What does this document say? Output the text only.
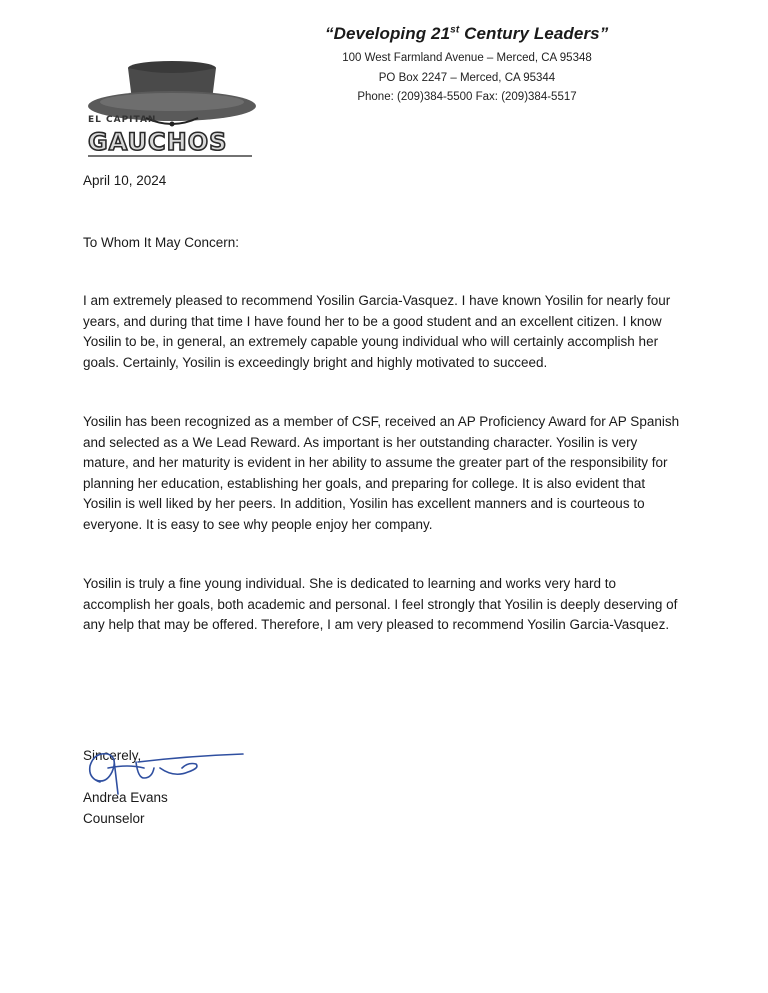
EL CAPITAN
GAUCHOS
“Developing 21st Century Leaders”
100 West Farmland Avenue – Merced, CA 95348
PO Box 2247 – Merced, CA 95344
Phone: (209)384-5500 Fax: (209)384-5517
April 10, 2024
To Whom It May Concern:

I am extremely pleased to recommend Yosilin Garcia-Vasquez. I have known Yosilin for nearly four years, and during that time I have found her to be a good student and an excellent citizen. I know Yosilin to be, in general, an extremely capable young individual who will certainly accomplish her goals. Certainly, Yosilin is exceedingly bright and highly motivated to succeed.

Yosilin has been recognized as a member of CSF, received an AP Proficiency Award for AP Spanish and selected as a We Lead Reward. As important is her outstanding character. Yosilin is very mature, and her maturity is evident in her ability to assume the greater part of the responsibility for planning her education, establishing her goals, and preparing for college. It is also evident that Yosilin is well liked by her peers. In addition, Yosilin has excellent manners and is courteous to everyone. It is easy to see why people enjoy her company.

Yosilin is truly a fine young individual. She is dedicated to learning and works very hard to accomplish her goals, both academic and personal. I feel strongly that Yosilin is deeply deserving of any help that may be offered. Therefore, I am very pleased to recommend Yosilin Garcia-Vasquez.

Sincerely,
Andrea Evans
Counselor
